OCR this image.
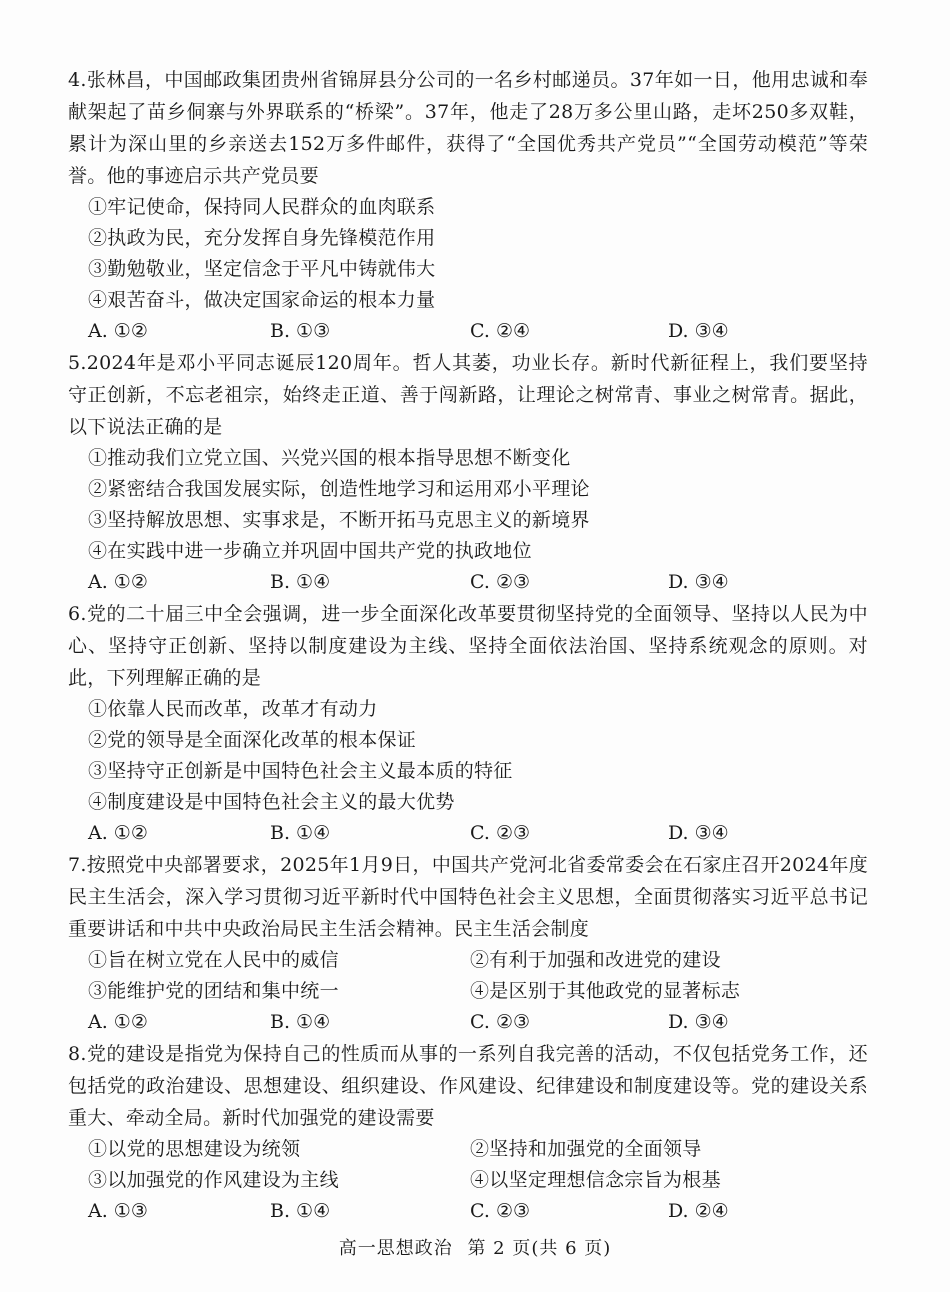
4.张林昌，中国邮政集团贵州省锦屏县分公司的一名乡村邮递员。37年如一日，他用忠诚和奉献架起了苗乡侗寨与外界联系的“桥梁”。37年，他走了28万多公里山路，走坏250多双鞋，累计为深山里的乡亲送去152万多件邮件，获得了“全国优秀共产党员”“全国劳动模范”等荣誉。他的事迹启示共产党员要

①牢记使命，保持同人民群众的血肉联系
②执政为民，充分发挥自身先锋模范作用
③勤勉敬业，坚定信念于平凡中铸就伟大
④艰苦奋斗，做决定国家命运的根本力量
A. ①②	B. ①③	C. ②④	D. ③④

5.2024年是邓小平同志诞辰120周年。哲人其萎，功业长存。新时代新征程上，我们要坚持守正创新，不忘老祖宗，始终走正道、善于闯新路，让理论之树常青、事业之树常青。据此，以下说法正确的是

①推动我们立党立国、兴党兴国的根本指导思想不断变化
②紧密结合我国发展实际，创造性地学习和运用邓小平理论
③坚持解放思想、实事求是，不断开拓马克思主义的新境界
④在实践中进一步确立并巩固中国共产党的执政地位
A. ①②	B. ①④	C. ②③	D. ③④

6.党的二十届三中全会强调，进一步全面深化改革要贯彻坚持党的全面领导、坚持以人民为中心、坚持守正创新、坚持以制度建设为主线、坚持全面依法治国、坚持系统观念的原则。对此，下列理解正确的是

①依靠人民而改革，改革才有动力
②党的领导是全面深化改革的根本保证
③坚持守正创新是中国特色社会主义最本质的特征
④制度建设是中国特色社会主义的最大优势
A. ①②	B. ①④	C. ②③	D. ③④

7.按照党中央部署要求，2025年1月9日，中国共产党河北省委常委会在石家庄召开2024年度民主生活会，深入学习贯彻习近平新时代中国特色社会主义思想，全面贯彻落实习近平总书记重要讲话和中共中央政治局民主生活会精神。民主生活会制度

①旨在树立党在人民中的威信	②有利于加强和改进党的建设
③能维护党的团结和集中统一	④是区别于其他政党的显著标志
A. ①②	B. ①④	C. ②③	D. ③④

8.党的建设是指党为保持自己的性质而从事的一系列自我完善的活动，不仅包括党务工作，还包括党的政治建设、思想建设、组织建设、作风建设、纪律建设和制度建设等。党的建设关系重大、牵动全局。新时代加强党的建设需要

①以党的思想建设为统领	②坚持和加强党的全面领导
③以加强党的作风建设为主线	④以坚定理想信念宗旨为根基
A. ①③	B. ①④	C. ②③	D. ②④
高一思想政治 第 2 页(共 6 页)
